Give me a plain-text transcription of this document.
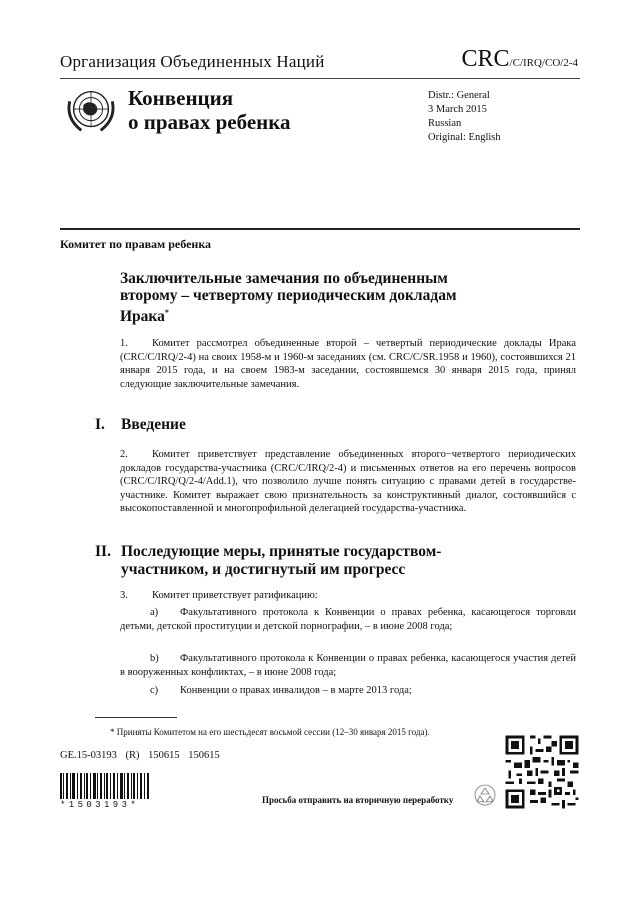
Организация Объединенных Наций	CRC/C/IRQ/CO/2-4
Конвенция
о правах ребенка
Distr.: General
3 March 2015
Russian
Original: English
Комитет по правам ребенка
Заключительные замечания по объединенным
второму – четвертому периодическим докладам
Ирака*
1. Комитет рассмотрел объединенные второй – четвертый периодические доклады Ирака (CRC/C/IRQ/2-4) на своих 1958-м и 1960-м заседаниях (см. CRC/C/SR.1958 и 1960), состоявшихся 21 января 2015 года, и на своем 1983-м заседании, состоявшемся 30 января 2015 года, принял следующие заключительные замечания.
I. Введение
2. Комитет приветствует представление объединенных второго−четвертого периодических докладов государства-участника (CRC/C/IRQ/2-4) и письменных ответов на его перечень вопросов (CRC/C/IRQ/Q/2-4/Add.1), что позволило лучше понять ситуацию с правами детей в государстве-участнике. Комитет выражает свою признательность за конструктивный диалог, состоявшийся с высокопоставленной и многопрофильной делегацией государства-участника.
II. Последующие меры, принятые государством-участником, и достигнутый им прогресс
3. Комитет приветствует ратификацию:
a) Факультативного протокола к Конвенции о правах ребенка, касающегося торговли детьми, детской проституции и детской порнографии, – в июне 2008 года;
b) Факультативного протокола к Конвенции о правах ребенка, касающегося участия детей в вооруженных конфликтах, – в июне 2008 года;
c) Конвенции о правах инвалидов – в марте 2013 года;
* Приняты Комитетом на его шестьдесят восьмой сессии (12–30 января 2015 года).
GE.15-03193 (R) 150615 150615
*1503193*	Просьба отправить на вторичную переработку
